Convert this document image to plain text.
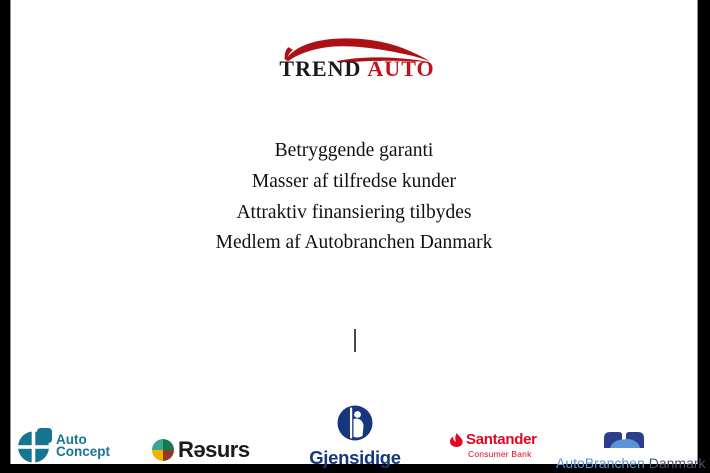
TREND AUTO
Betryggende garanti
Masser af tilfredse kunder
Attraktiv finansiering tilbydes
Medlem af Autobranchen Danmark
Auto
Concept	Rəsurs	Gjensidige
Santander
Consumer Bank
AutoBranchen Danmark
